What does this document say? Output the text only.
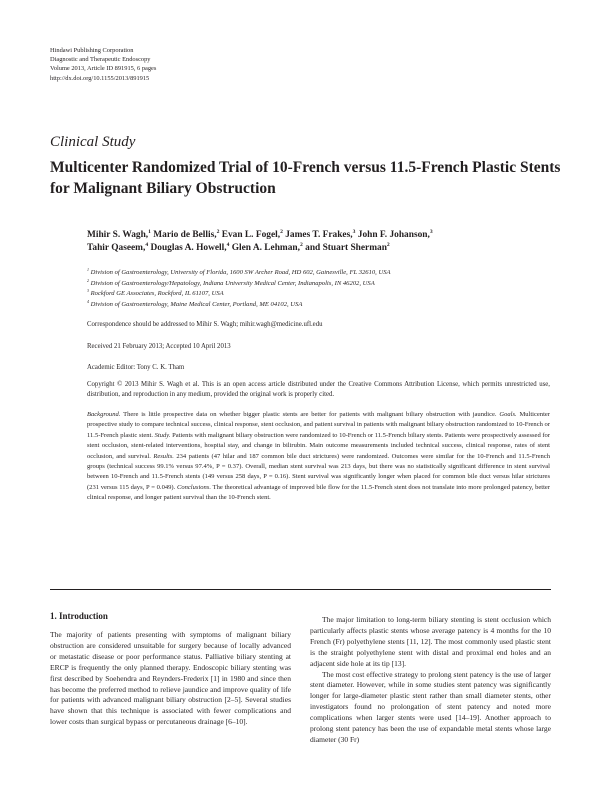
Hindawi Publishing Corporation
Diagnostic and Therapeutic Endoscopy
Volume 2013, Article ID 891915, 6 pages
http://dx.doi.org/10.1155/2013/891915
Clinical Study
Multicenter Randomized Trial of 10-French versus 11.5-French Plastic Stents for Malignant Biliary Obstruction
Mihir S. Wagh,$^1$ Mario de Bellis,$^2$ Evan L. Fogel,$^2$ James T. Frakes,$^3$ John F. Johanson,$^3$
Tahir Qaseem,$^4$ Douglas A. Howell,$^4$ Glen A. Lehman,$^2$ and Stuart Sherman$^2$
$^1$ Division of Gastroenterology, University of Florida, 1600 SW Archer Road, HD 602, Gainesville, FL 32610, USA
$^2$ Division of Gastroenterology/Hepatology, Indiana University Medical Center, Indianapolis, IN 46202, USA
$^3$ Rockford GE Associates, Rockford, IL 61107, USA
$^4$ Division of Gastroenterology, Maine Medical Center, Portland, ME 04102, USA
Correspondence should be addressed to Mihir S. Wagh; mihir.wagh@medicine.ufl.edu
Received 21 February 2013; Accepted 10 April 2013
Academic Editor: Tony C. K. Tham
Copyright © 2013 Mihir S. Wagh et al. This is an open access article distributed under the Creative Commons Attribution License, which permits unrestricted use, distribution, and reproduction in any medium, provided the original work is properly cited.

Background. There is little prospective data on whether bigger plastic stents are better for patients with malignant biliary obstruction with jaundice. Goals. Multicenter prospective study to compare technical success, clinical response, stent occlusion, and patient survival in patients with malignant biliary obstruction randomized to 10-French or 11.5-French plastic stent. Study. Patients with malignant biliary obstruction were randomized to 10-French or 11.5-French biliary stents. Patients were prospectively assessed for stent occlusion, stent-related interventions, hospital stay, and change in bilirubin. Main outcome measurements included technical success, clinical response, rates of stent occlusion, and survival. Results. 234 patients (47 hilar and 187 common bile duct strictures) were randomized. Outcomes were similar for the 10-French and 11.5-French groups (technical success 99.1% versus 97.4%, P = 0.37). Overall, median stent survival was 213 days, but there was no statistically significant difference in stent survival between 10-French and 11.5-French stents (149 versus 258 days, P = 0.16). Stent survival was significantly longer when placed for common bile duct versus hilar strictures (231 versus 115 days, P = 0.049). Conclusions. The theoretical advantage of improved bile flow for the 11.5-French stent does not translate into more prolonged patency, better clinical response, and longer patient survival than the 10-French stent.

1. Introduction

The majority of patients presenting with symptoms of malignant biliary obstruction are considered unsuitable for surgery because of locally advanced or metastatic disease or poor performance status. Palliative biliary stenting at ERCP is frequently the only planned therapy. Endoscopic biliary stenting was first described by Soehendra and Reynders-Frederix [1] in 1980 and since then has become the preferred method to relieve jaundice and improve quality of life for patients with advanced malignant biliary obstruction [2–5]. Several studies have shown that this technique is associated with fewer complications and lower costs than surgical bypass or percutaneous drainage [6–10].

The major limitation to long-term biliary stenting is stent occlusion which particularly affects plastic stents whose average patency is 4 months for the 10 French (Fr) polyethylene stents [11, 12]. The most commonly used plastic stent is the straight polyethylene stent with distal and proximal end holes and an adjacent side hole at its tip [13].

The most cost effective strategy to prolong stent patency is the use of larger stent diameter. However, while in some studies stent patency was significantly longer for large-diameter plastic stent rather than small diameter stents, other investigators found no prolongation of stent patency and noted more complications when larger stents were used [14–19]. Another approach to prolong stent patency has been the use of expandable metal stents whose large diameter (30 Fr)
